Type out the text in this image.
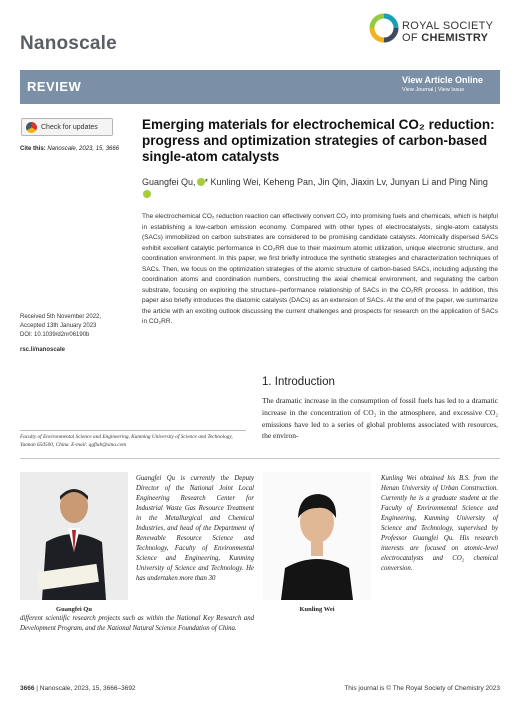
Nanoscale
ROYAL SOCIETY
OF CHEMISTRY
REVIEW	View Article Online
View Journal | View Issue
Check for updates
Cite this: Nanoscale, 2023, 15, 3666
Received 5th November 2022,
Accepted 13th January 2023
DOI: 10.1039/d2nr06190b
rsc.li/nanoscale
Emerging materials for electrochemical CO₂ reduction: progress and optimization strategies of carbon-based single-atom catalysts
Guangfei Qu, * Kunling Wei, Keheng Pan, Jin Qin, Jiaxin Lv, Junyan Li and Ping Ning
The electrochemical CO₂ reduction reaction can effectively convert CO₂ into promising fuels and chemicals, which is helpful in establishing a low-carbon emission economy. Compared with other types of electrocatalysts, single-atom catalysts (SACs) immobilized on carbon substrates are considered to be promising candidate catalysts. Atomically dispersed SACs exhibit excellent catalytic performance in CO₂RR due to their maximum atomic utilization, unique electronic structure, and coordination environment. In this paper, we first briefly introduce the synthetic strategies and characterization techniques of SACs. Then, we focus on the optimization strategies of the atomic structure of carbon-based SACs, including adjusting the coordination atoms and coordination numbers, constructing the axial chemical environment, and regulating the carbon substrate, focusing on exploring the structure–performance relationship of SACs in the CO₂RR process. In addition, this paper also briefly introduces the diatomic catalysts (DACs) as an extension of SACs. At the end of the paper, we summarize the article with an exciting outlook discussing the current challenges and prospects for research on the application of SACs in CO₂RR.
1. Introduction
The dramatic increase in the consumption of fossil fuels has led to a dramatic increase in the concentration of CO₂ in the atmosphere, and excessive CO₂ emissions have led to a series of global problems associated with resources, the environ-
Faculty of Environmental Science and Engineering, Kunming University of Science and Technology, Yunnan 650500, China. E-mail: qgflab@sina.com
Guangfei Qu
Guangfei Qu is currently the Deputy Director of the National Joint Local Engineering Research Center for Industrial Waste Gas Resource Treatment in the Metallurgical and Chemical Industries, and head of the Department of Renewable Resource Science and Technology, Faculty of Environmental Science and Engineering, Kunming University of Science and Technology. He has undertaken more than 30
different scientific research projects such as within the National Key Research and Development Program, and the National Natural Science Foundation of China.
Kunling Wei
Kunling Wei obtained his B.S. from the Henan University of Urban Construction. Currently he is a graduate student at the Faculty of Environmental Science and Engineering, Kunming University of Science and Technology, supervised by Professor Guangfei Qu. His research interests are focused on atomic-level electrocatalysts and CO₂ chemical conversion.
3666 | Nanoscale, 2023, 15, 3666–3692	This journal is © The Royal Society of Chemistry 2023
